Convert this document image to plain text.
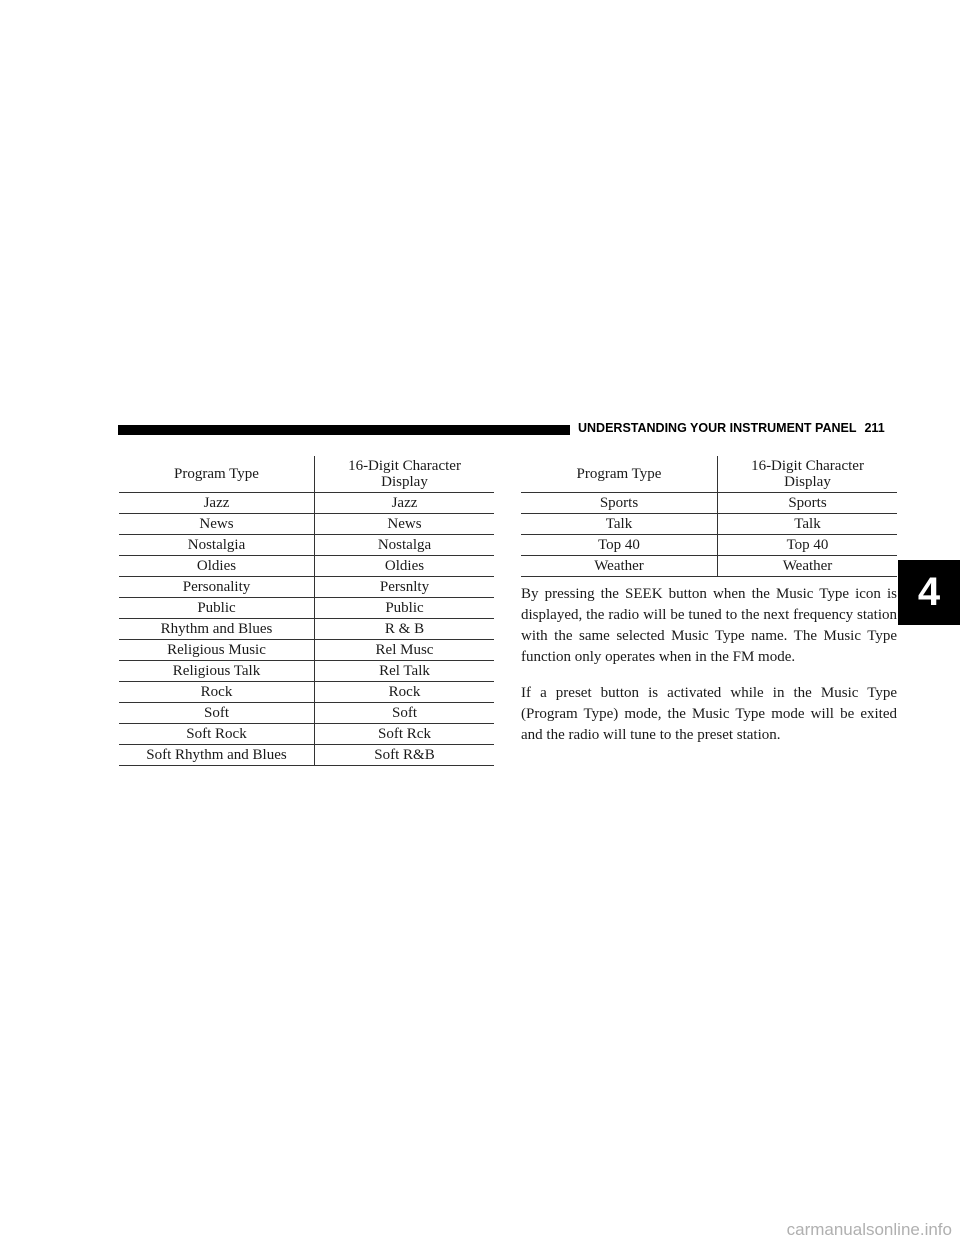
UNDERSTANDING YOUR INSTRUMENT PANEL 211
4
Program Type	16-Digit Character
Display
Jazz	Jazz
News	News
Nostalgia	Nostalga
Oldies	Oldies
Personality	Persnlty
Public	Public
Rhythm and Blues	R & B
Religious Music	Rel Musc
Religious Talk	Rel Talk
Rock	Rock
Soft	Soft
Soft Rock	Soft Rck
Soft Rhythm and Blues	Soft R&B
Program Type	16-Digit Character
Display
Sports	Sports
Talk	Talk
Top 40	Top 40
Weather	Weather

By pressing the SEEK button when the Music Type icon is displayed, the radio will be tuned to the next frequency station with the same selected Music Type name. The Music Type function only operates when in the FM mode.

If a preset button is activated while in the Music Type (Program Type) mode, the Music Type mode will be exited and the radio will tune to the preset station.

carmanualsonline.info
